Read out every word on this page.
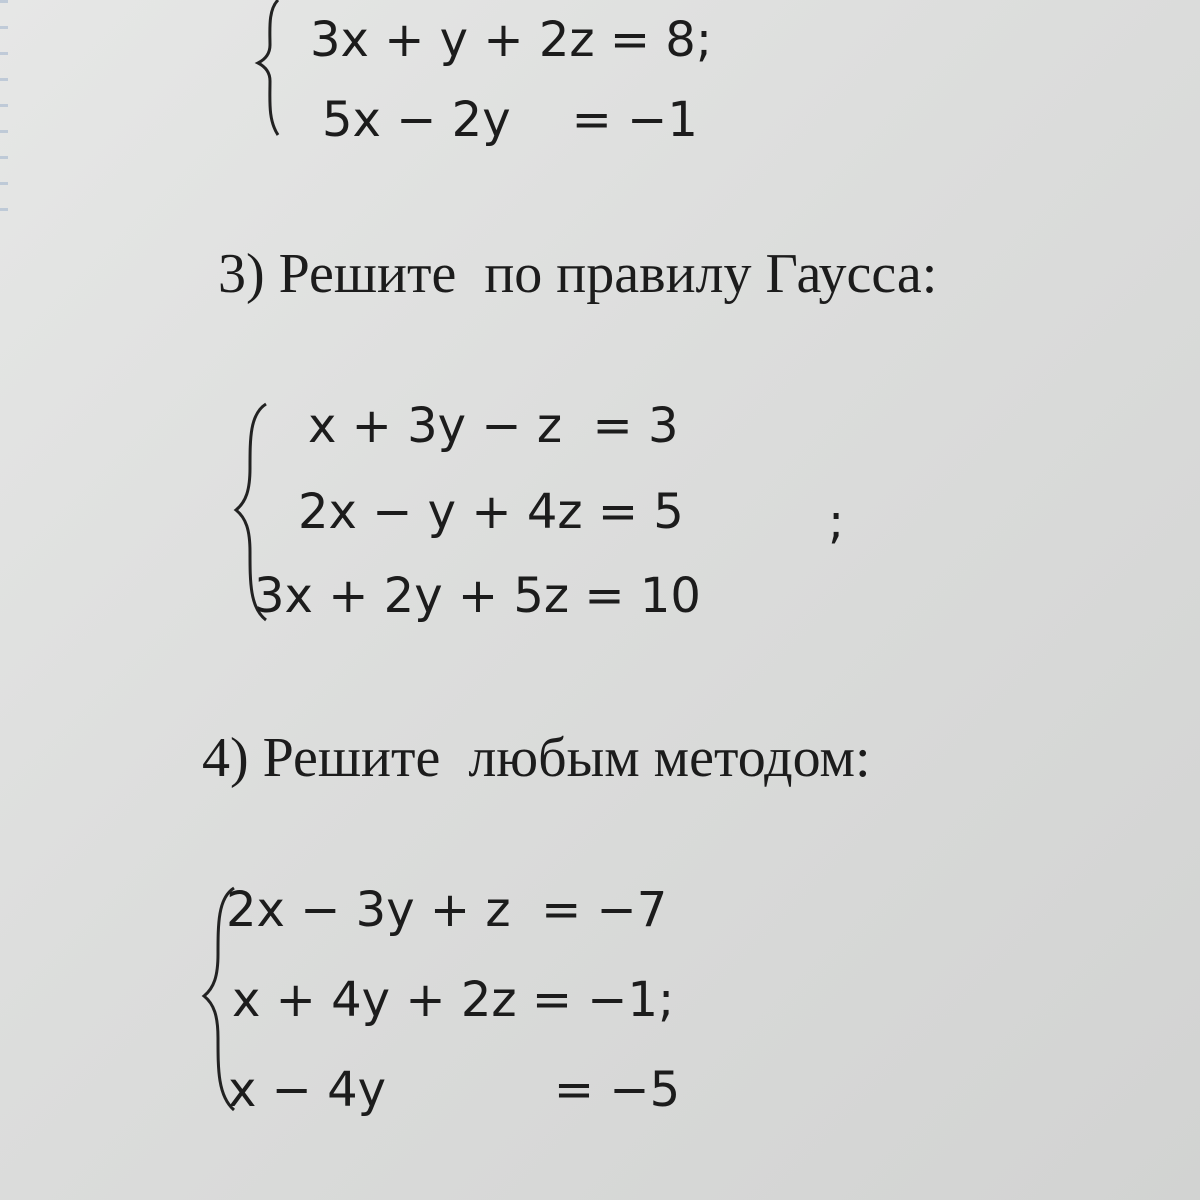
3x + y + 2z = 8;
5x − 2y    = −1
3) Решите  по правилу Гаусса:
x + 3y − z  = 3
2x − y + 4z = 5	;
3x + 2y + 5z = 10
4) Решите  любым методом:
2x − 3y + z  = −7
x + 4y + 2z = −1;
x − 4y           = −5
